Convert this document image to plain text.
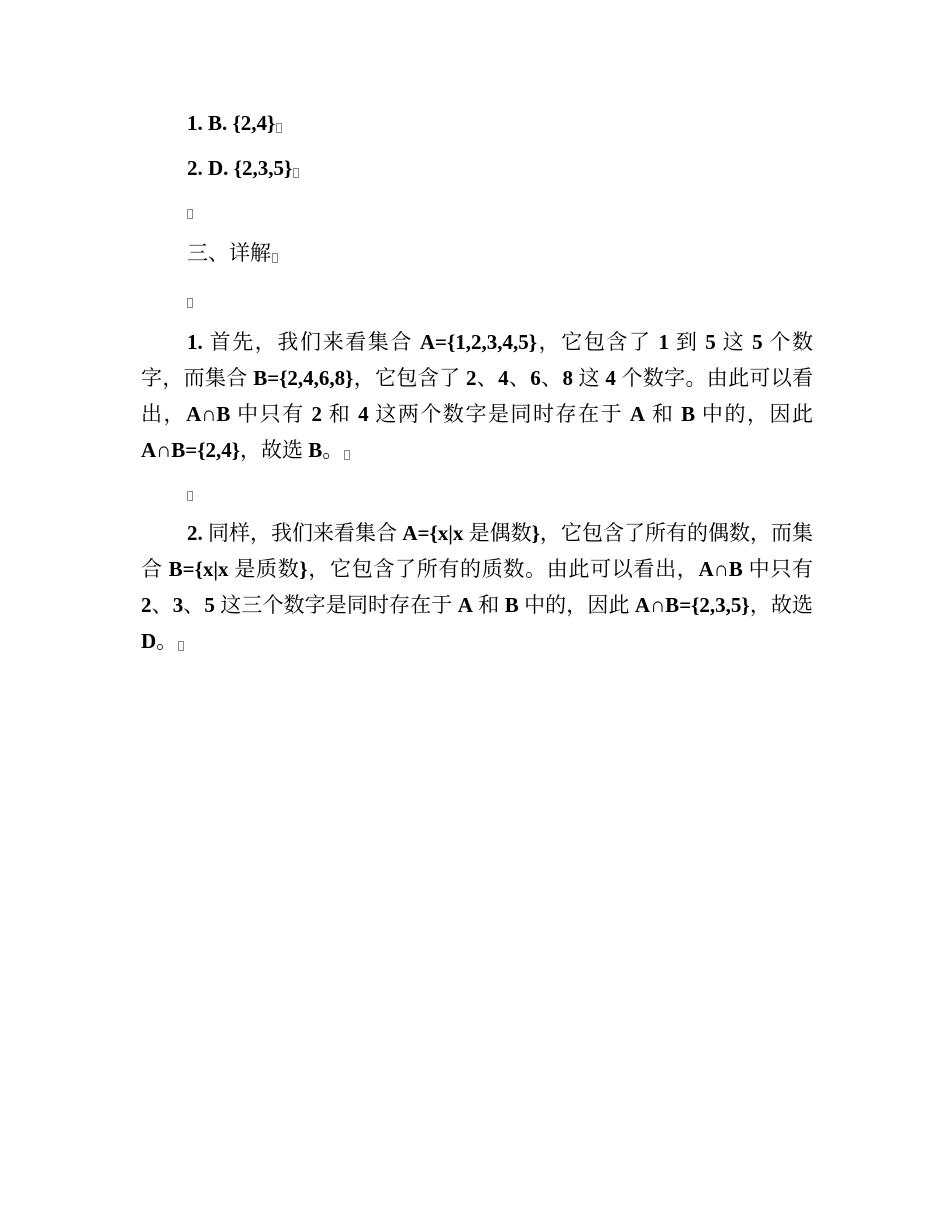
1. B. {2,4}
2. D. {2,3,5}
三、详解
1. 首先，我们来看集合 A={1,2,3,4,5}，它包含了 1 到 5 这 5 个数字，而集合 B={2,4,6,8}，它包含了 2、4、6、8 这 4 个数字。由此可以看出，A∩B 中只有 2 和 4 这两个数字是同时存在于 A 和 B 中的，因此 A∩B={2,4}，故选 B。
2. 同样，我们来看集合 A={x|x 是偶数}，它包含了所有的偶数，而集合 B={x|x 是质数}，它包含了所有的质数。由此可以看出，A∩B 中只有 2、3、5 这三个数字是同时存在于 A 和 B 中的，因此 A∩B={2,3,5}，故选 D。
